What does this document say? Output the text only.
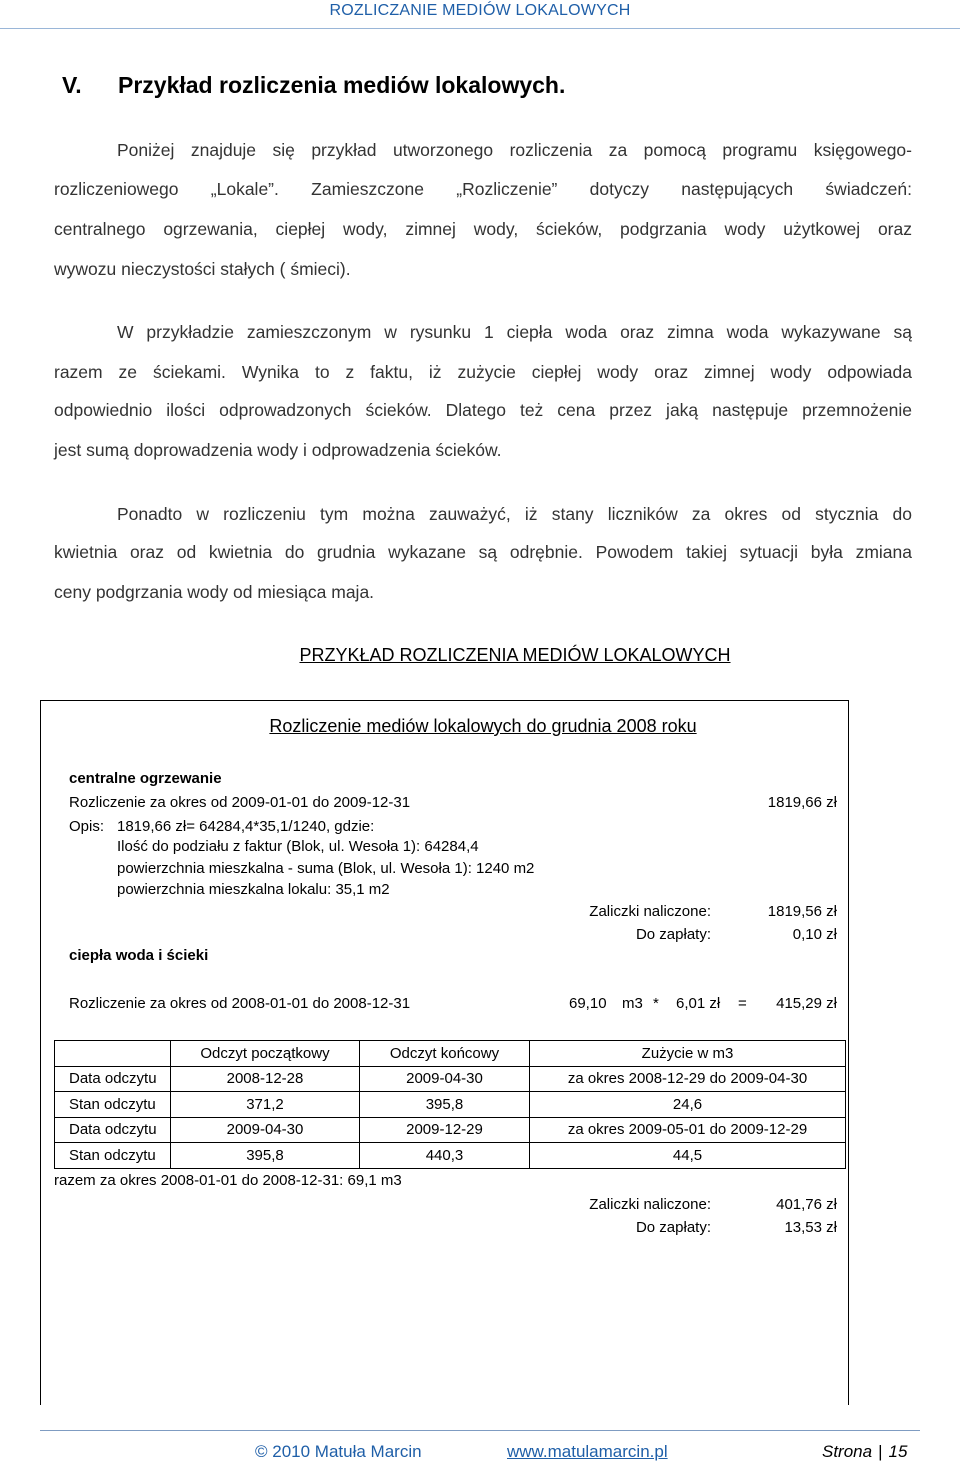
ROZLICZANIE MEDIÓW LOKALOWYCH
V. Przykład rozliczenia mediów lokalowych.
Poniżej znajduje się przykład utworzonego rozliczenia za pomocą programu księgowego-
rozliczeniowego „Lokale”. Zamieszczone „Rozliczenie” dotyczy następujących świadczeń:
centralnego ogrzewania, ciepłej wody, zimnej wody, ścieków, podgrzania wody użytkowej oraz
wywozu nieczystości stałych ( śmieci).
W przykładzie zamieszczonym w rysunku 1 ciepła woda oraz zimna woda wykazywane są
razem ze ściekami. Wynika to z faktu, iż zużycie ciepłej wody oraz zimnej wody odpowiada
odpowiednio ilości odprowadzonych ścieków. Dlatego też cena przez jaką następuje przemnożenie
jest sumą doprowadzenia wody i odprowadzenia ścieków.
Ponadto w rozliczeniu tym można zauważyć, iż stany liczników za okres od stycznia do
kwietnia oraz od kwietnia do grudnia wykazane są odrębnie. Powodem takiej sytuacji była zmiana
ceny podgrzania wody od miesiąca maja.
PRZYKŁAD ROZLICZENIA MEDIÓW LOKALOWYCH
Rozliczenie mediów lokalowych do grudnia 2008 roku
centralne ogrzewanie
Rozliczenie za okres od 2009-01-01 do 2009-12-31	1819,66 zł
Opis: 1819,66 zł= 64284,4*35,1/1240, gdzie:
Ilość do podziału z faktur (Blok, ul. Wesoła 1): 64284,4
powierzchnia mieszkalna - suma (Blok, ul. Wesoła 1): 1240 m2
powierzchnia mieszkalna lokalu: 35,1 m2
Zaliczki naliczone:	1819,56 zł
Do zapłaty:	0,10 zł
ciepła woda i ścieki
Rozliczenie za okres od 2008-01-01 do 2008-12-31	69,10 m3 * 6,01 zł =	415,29 zł
	Odczyt początkowy	Odczyt końcowy	Zużycie w m3
Data odczytu	2008-12-28	2009-04-30	za okres 2008-12-29 do 2009-04-30
Stan odczytu	371,2	395,8	24,6
Data odczytu	2009-04-30	2009-12-29	za okres 2009-05-01 do 2009-12-29
Stan odczytu	395,8	440,3	44,5
razem za okres 2008-01-01 do 2008-12-31: 69,1 m3
Zaliczki naliczone:	401,76 zł
Do zapłaty:	13,53 zł
© 2010 Matuła Marcin	www.matulamarcin.pl	Strona | 15
